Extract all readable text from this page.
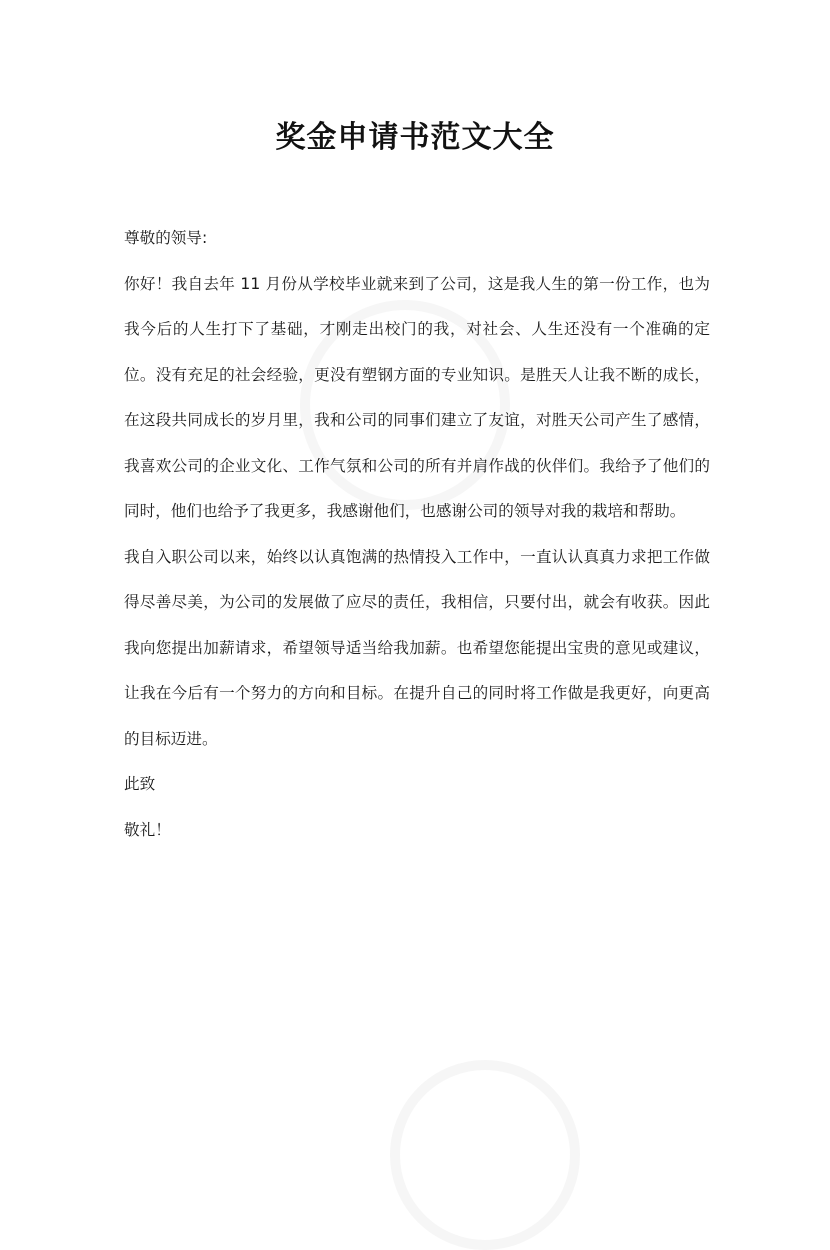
奖金申请书范文大全

尊敬的领导:

你好！我自去年 11 月份从学校毕业就来到了公司，这是我人生的第一份工作，也为我今后的人生打下了基础，才刚走出校门的我，对社会、人生还没有一个准确的定位。没有充足的社会经验，更没有塑钢方面的专业知识。是胜天人让我不断的成长，在这段共同成长的岁月里，我和公司的同事们建立了友谊，对胜天公司产生了感情，我喜欢公司的企业文化、工作气氛和公司的所有并肩作战的伙伴们。我给予了他们的同时，他们也给予了我更多，我感谢他们，也感谢公司的领导对我的栽培和帮助。

我自入职公司以来，始终以认真饱满的热情投入工作中，一直认认真真力求把工作做得尽善尽美，为公司的发展做了应尽的责任，我相信，只要付出，就会有收获。因此我向您提出加薪请求，希望领导适当给我加薪。也希望您能提出宝贵的意见或建议，让我在今后有一个努力的方向和目标。在提升自己的同时将工作做是我更好，向更高的目标迈进。

此致

敬礼！
